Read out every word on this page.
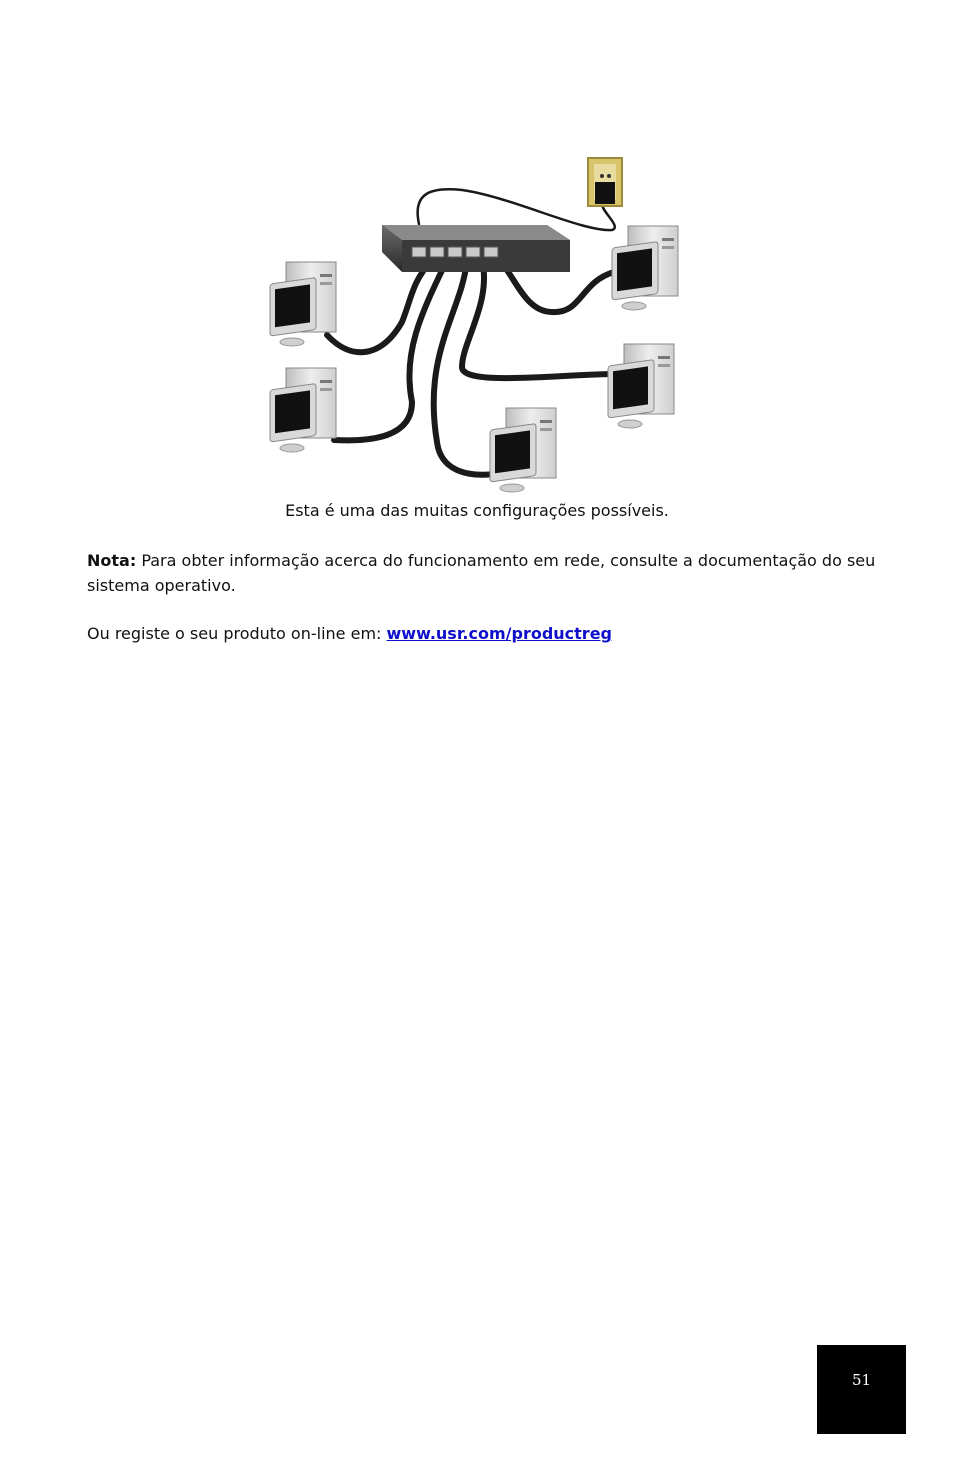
Esta é uma das muitas configurações possíveis.
Nota: Para obter informação acerca do funcionamento em rede, consulte a documentação do seu sistema operativo.
Ou registe o seu produto on-line em: www.usr.com/productreg
51
